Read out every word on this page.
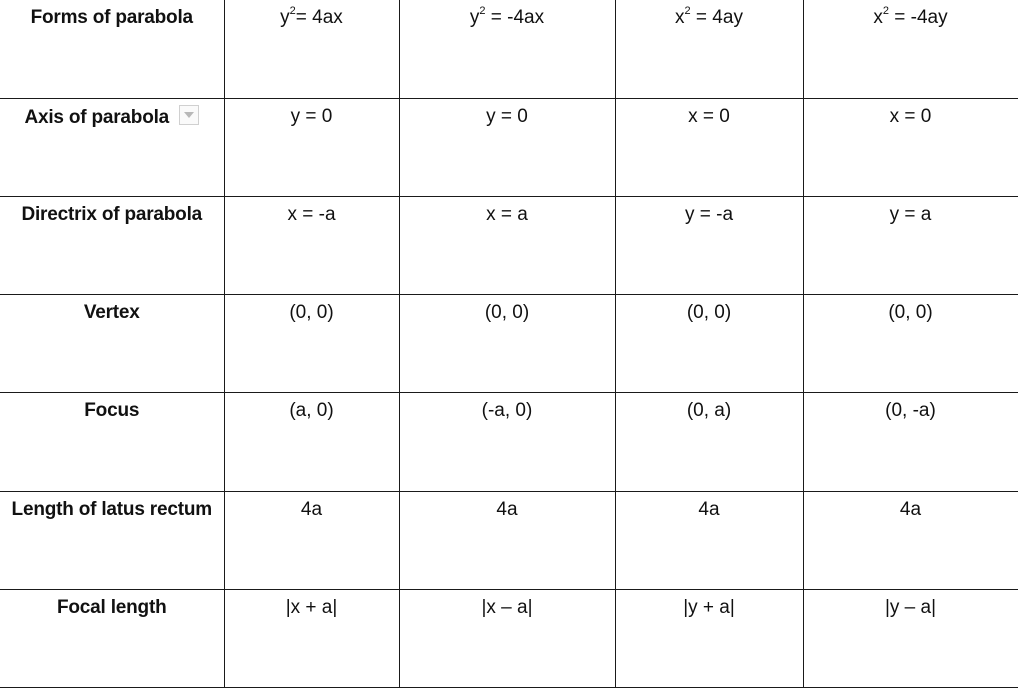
Forms of parabola	$y^2= 4ax$	$y^2 = -4ax$	$x^2 = 4ay$	$x^2 = -4ay$
Axis of parabola	y = 0	y = 0	x = 0	x = 0
Directrix of parabola	x = -a	x = a	y = -a	y = a
Vertex	(0, 0)	(0, 0)	(0, 0)	(0, 0)
Focus	(a, 0)	(-a, 0)	(0, a)	(0, -a)
Length of latus rectum	4a	4a	4a	4a
Focal length	|x + a|	|x – a|	|y + a|	|y – a|
